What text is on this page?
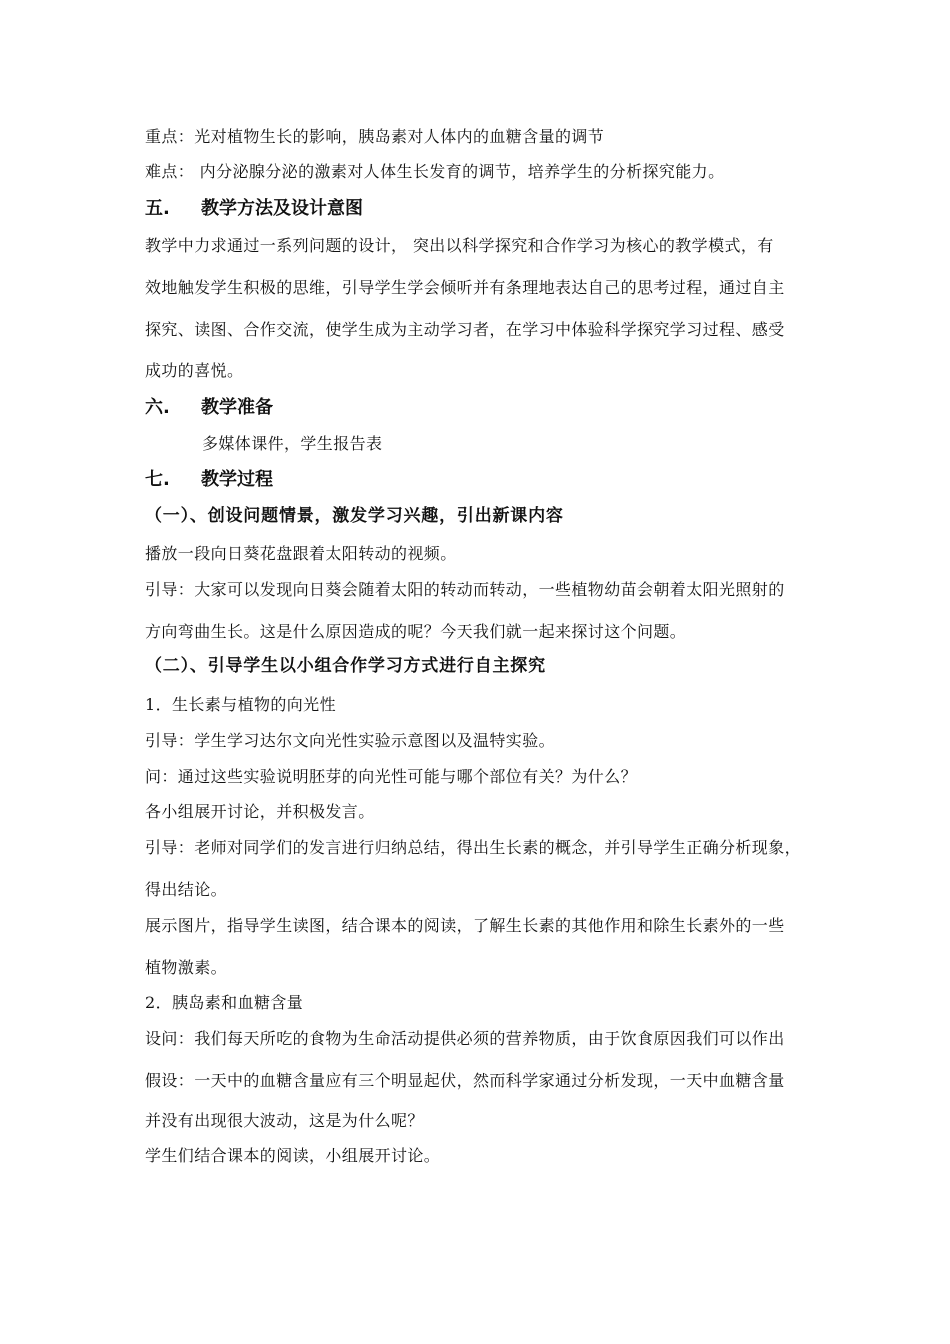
重点：光对植物生长的影响，胰岛素对人体内的血糖含量的调节
难点： 内分泌腺分泌的激素对人体生长发育的调节，培养学生的分析探究能力。
五. 教学方法及设计意图
教学中力求通过一系列问题的设计， 突出以科学探究和合作学习为核心的教学模式，有
效地触发学生积极的思维，引导学生学会倾听并有条理地表达自己的思考过程，通过自主
探究、读图、合作交流，使学生成为主动学习者，在学习中体验科学探究学习过程、感受
成功的喜悦。
六. 教学准备
多媒体课件，学生报告表
七. 教学过程
（一）、创设问题情景，激发学习兴趣，引出新课内容
播放一段向日葵花盘跟着太阳转动的视频。
引导：大家可以发现向日葵会随着太阳的转动而转动，一些植物幼苗会朝着太阳光照射的
方向弯曲生长。这是什么原因造成的呢？今天我们就一起来探讨这个问题。
（二）、引导学生以小组合作学习方式进行自主探究
1．生长素与植物的向光性
引导：学生学习达尔文向光性实验示意图以及温特实验。
问：通过这些实验说明胚芽的向光性可能与哪个部位有关？为什么？
各小组展开讨论，并积极发言。
引导：老师对同学们的发言进行归纳总结，得出生长素的概念，并引导学生正确分析现象，
得出结论。
展示图片，指导学生读图，结合课本的阅读，了解生长素的其他作用和除生长素外的一些
植物激素。
2．胰岛素和血糖含量
设问：我们每天所吃的食物为生命活动提供必须的营养物质，由于饮食原因我们可以作出
假设：一天中的血糖含量应有三个明显起伏，然而科学家通过分析发现，一天中血糖含量
并没有出现很大波动，这是为什么呢？
学生们结合课本的阅读，小组展开讨论。
